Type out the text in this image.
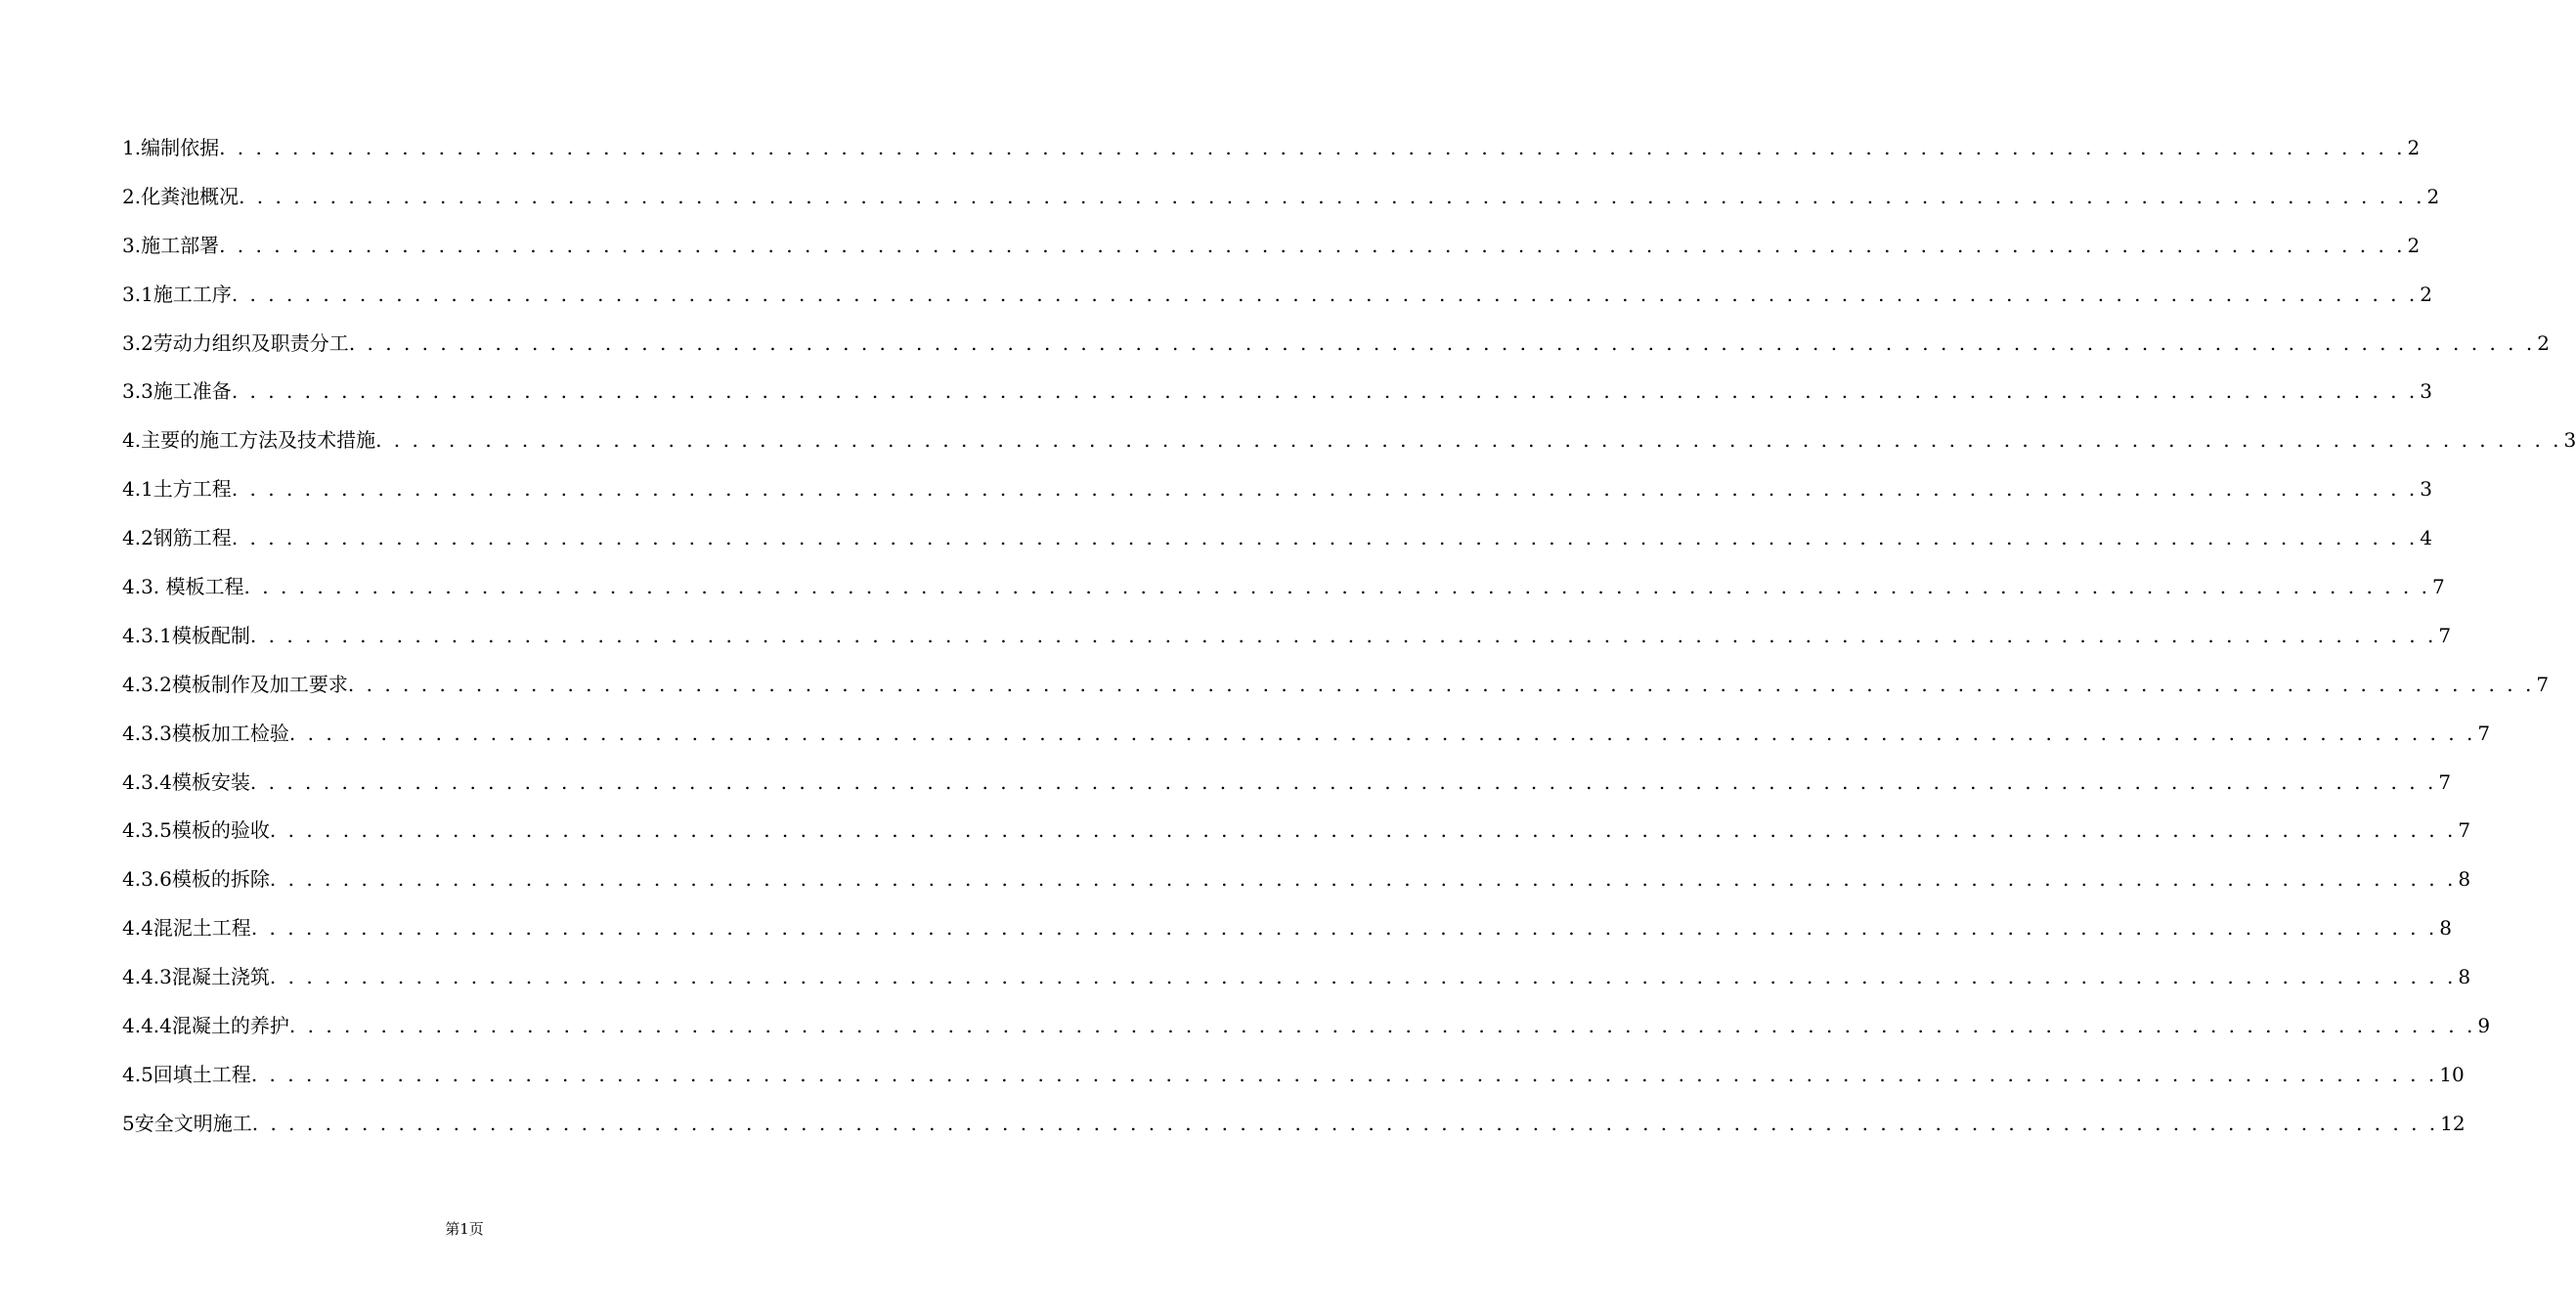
1.编制依据 . . . . . . . . . . . . . . . . . . . . . . . . . . . . . . . . . . . . . . . . . . . . . . . . . . . . . . . . . . . . . . . . . . . . . . . . . . . . . . . . . . . . . . . . . . . . . . . . . . . . . . . . . . . . . . . . . . . . . . . . 2
2.化粪池概况 . . . . . . . . . . . . . . . . . . . . . . . . . . . . . . . . . . . . . . . . . . . . . . . . . . . . . . . . . . . . . . . . . . . . . . . . . . . . . . . . . . . . . . . . . . . . . . . . . . . . . . . . . . . . . . . . . . . . . . . . 2
3.施工部署 . . . . . . . . . . . . . . . . . . . . . . . . . . . . . . . . . . . . . . . . . . . . . . . . . . . . . . . . . . . . . . . . . . . . . . . . . . . . . . . . . . . . . . . . . . . . . . . . . . . . . . . . . . . . . . . . . . . . . . . . 2
3.1施工工序 . . . . . . . . . . . . . . . . . . . . . . . . . . . . . . . . . . . . . . . . . . . . . . . . . . . . . . . . . . . . . . . . . . . . . . . . . . . . . . . . . . . . . . . . . . . . . . . . . . . . . . . . . . . . . . . . . . . . . . . . 2
3.2劳动力组织及职责分工 . . . . . . . . . . . . . . . . . . . . . . . . . . . . . . . . . . . . . . . . . . . . . . . . . . . . . . . . . . . . . . . . . . . . . . . . . . . . . . . . . . . . . . . . . . . . . . . . . . . . . . . . . . . . . . . . . . . . . . . . 2
3.3施工准备 . . . . . . . . . . . . . . . . . . . . . . . . . . . . . . . . . . . . . . . . . . . . . . . . . . . . . . . . . . . . . . . . . . . . . . . . . . . . . . . . . . . . . . . . . . . . . . . . . . . . . . . . . . . . . . . . . . . . . . . . 3
4.主要的施工方法及技术措施 . . . . . . . . . . . . . . . . . . . . . . . . . . . . . . . . . . . . . . . . . . . . . . . . . . . . . . . . . . . . . . . . . . . . . . . . . . . . . . . . . . . . . . . . . . . . . . . . . . . . . . . . . . . . . . . . . . . . . . . . 3
4.1土方工程 . . . . . . . . . . . . . . . . . . . . . . . . . . . . . . . . . . . . . . . . . . . . . . . . . . . . . . . . . . . . . . . . . . . . . . . . . . . . . . . . . . . . . . . . . . . . . . . . . . . . . . . . . . . . . . . . . . . . . . . . 3
4.2钢筋工程 . . . . . . . . . . . . . . . . . . . . . . . . . . . . . . . . . . . . . . . . . . . . . . . . . . . . . . . . . . . . . . . . . . . . . . . . . . . . . . . . . . . . . . . . . . . . . . . . . . . . . . . . . . . . . . . . . . . . . . . . 4
4.3. 模板工程 . . . . . . . . . . . . . . . . . . . . . . . . . . . . . . . . . . . . . . . . . . . . . . . . . . . . . . . . . . . . . . . . . . . . . . . . . . . . . . . . . . . . . . . . . . . . . . . . . . . . . . . . . . . . . . . . . . . . . . . . 7
4.3.1模板配制 . . . . . . . . . . . . . . . . . . . . . . . . . . . . . . . . . . . . . . . . . . . . . . . . . . . . . . . . . . . . . . . . . . . . . . . . . . . . . . . . . . . . . . . . . . . . . . . . . . . . . . . . . . . . . . . . . . . . . . . . 7
4.3.2模板制作及加工要求 . . . . . . . . . . . . . . . . . . . . . . . . . . . . . . . . . . . . . . . . . . . . . . . . . . . . . . . . . . . . . . . . . . . . . . . . . . . . . . . . . . . . . . . . . . . . . . . . . . . . . . . . . . . . . . . . . . . . . . . . 7
4.3.3模板加工检验 . . . . . . . . . . . . . . . . . . . . . . . . . . . . . . . . . . . . . . . . . . . . . . . . . . . . . . . . . . . . . . . . . . . . . . . . . . . . . . . . . . . . . . . . . . . . . . . . . . . . . . . . . . . . . . . . . . . . . . . . 7
4.3.4模板安装 . . . . . . . . . . . . . . . . . . . . . . . . . . . . . . . . . . . . . . . . . . . . . . . . . . . . . . . . . . . . . . . . . . . . . . . . . . . . . . . . . . . . . . . . . . . . . . . . . . . . . . . . . . . . . . . . . . . . . . . . 7
4.3.5模板的验收 . . . . . . . . . . . . . . . . . . . . . . . . . . . . . . . . . . . . . . . . . . . . . . . . . . . . . . . . . . . . . . . . . . . . . . . . . . . . . . . . . . . . . . . . . . . . . . . . . . . . . . . . . . . . . . . . . . . . . . . . 7
4.3.6模板的拆除 . . . . . . . . . . . . . . . . . . . . . . . . . . . . . . . . . . . . . . . . . . . . . . . . . . . . . . . . . . . . . . . . . . . . . . . . . . . . . . . . . . . . . . . . . . . . . . . . . . . . . . . . . . . . . . . . . . . . . . . . 8
4.4混泥土工程 . . . . . . . . . . . . . . . . . . . . . . . . . . . . . . . . . . . . . . . . . . . . . . . . . . . . . . . . . . . . . . . . . . . . . . . . . . . . . . . . . . . . . . . . . . . . . . . . . . . . . . . . . . . . . . . . . . . . . . . . 8
4.4.3混凝土浇筑 . . . . . . . . . . . . . . . . . . . . . . . . . . . . . . . . . . . . . . . . . . . . . . . . . . . . . . . . . . . . . . . . . . . . . . . . . . . . . . . . . . . . . . . . . . . . . . . . . . . . . . . . . . . . . . . . . . . . . . . . 8
4.4.4混凝土的养护 . . . . . . . . . . . . . . . . . . . . . . . . . . . . . . . . . . . . . . . . . . . . . . . . . . . . . . . . . . . . . . . . . . . . . . . . . . . . . . . . . . . . . . . . . . . . . . . . . . . . . . . . . . . . . . . . . . . . . . . . 9
4.5回填土工程 . . . . . . . . . . . . . . . . . . . . . . . . . . . . . . . . . . . . . . . . . . . . . . . . . . . . . . . . . . . . . . . . . . . . . . . . . . . . . . . . . . . . . . . . . . . . . . . . . . . . . . . . . . . . . . . . . . . . . . . . 10
5安全文明施工 . . . . . . . . . . . . . . . . . . . . . . . . . . . . . . . . . . . . . . . . . . . . . . . . . . . . . . . . . . . . . . . . . . . . . . . . . . . . . . . . . . . . . . . . . . . . . . . . . . . . . . . . . . . . . . . . . . . . . . . . 12
第1页
